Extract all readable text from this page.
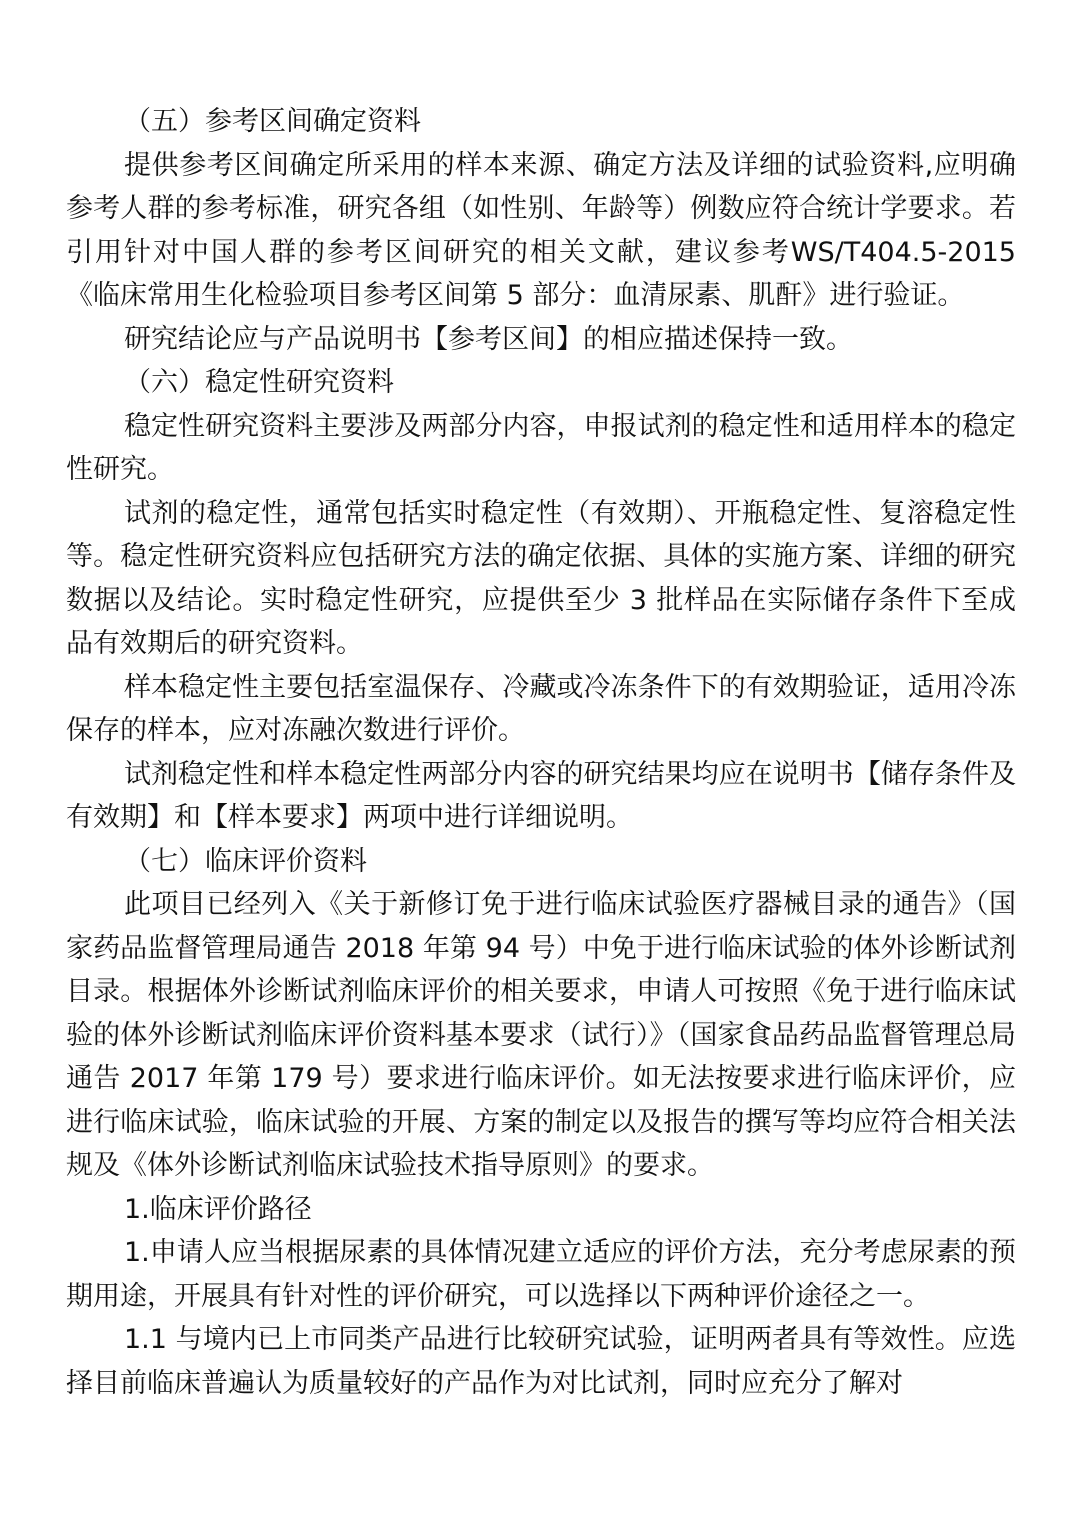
（五）参考区间确定资料

提供参考区间确定所采用的样本来源、确定方法及详细的试验资料,应明确参考人群的参考标准，研究各组（如性别、年龄等）例数应符合统计学要求。若引用针对中国人群的参考区间研究的相关文献，建议参考WS/T404.5-2015《临床常用生化检验项目参考区间第 5 部分：血清尿素、肌酐》进行验证。

研究结论应与产品说明书【参考区间】的相应描述保持一致。

（六）稳定性研究资料

稳定性研究资料主要涉及两部分内容，申报试剂的稳定性和适用样本的稳定性研究。

试剂的稳定性，通常包括实时稳定性（有效期）、开瓶稳定性、复溶稳定性等。稳定性研究资料应包括研究方法的确定依据、具体的实施方案、详细的研究数据以及结论。实时稳定性研究，应提供至少 3 批样品在实际储存条件下至成品有效期后的研究资料。

样本稳定性主要包括室温保存、冷藏或冷冻条件下的有效期验证，适用冷冻保存的样本，应对冻融次数进行评价。

试剂稳定性和样本稳定性两部分内容的研究结果均应在说明书【储存条件及有效期】和【样本要求】两项中进行详细说明。

（七）临床评价资料

此项目已经列入《关于新修订免于进行临床试验医疗器械目录的通告》（国家药品监督管理局通告 2018 年第 94 号）中免于进行临床试验的体外诊断试剂目录。根据体外诊断试剂临床评价的相关要求，申请人可按照《免于进行临床试验的体外诊断试剂临床评价资料基本要求（试行）》（国家食品药品监督管理总局通告 2017 年第 179 号）要求进行临床评价。如无法按要求进行临床评价，应进行临床试验，临床试验的开展、方案的制定以及报告的撰写等均应符合相关法规及《体外诊断试剂临床试验技术指导原则》的要求。

1.临床评价路径

1.申请人应当根据尿素的具体情况建立适应的评价方法，充分考虑尿素的预期用途，开展具有针对性的评价研究，可以选择以下两种评价途径之一。

1.1 与境内已上市同类产品进行比较研究试验，证明两者具有等效性。应选择目前临床普遍认为质量较好的产品作为对比试剂，同时应充分了解对
